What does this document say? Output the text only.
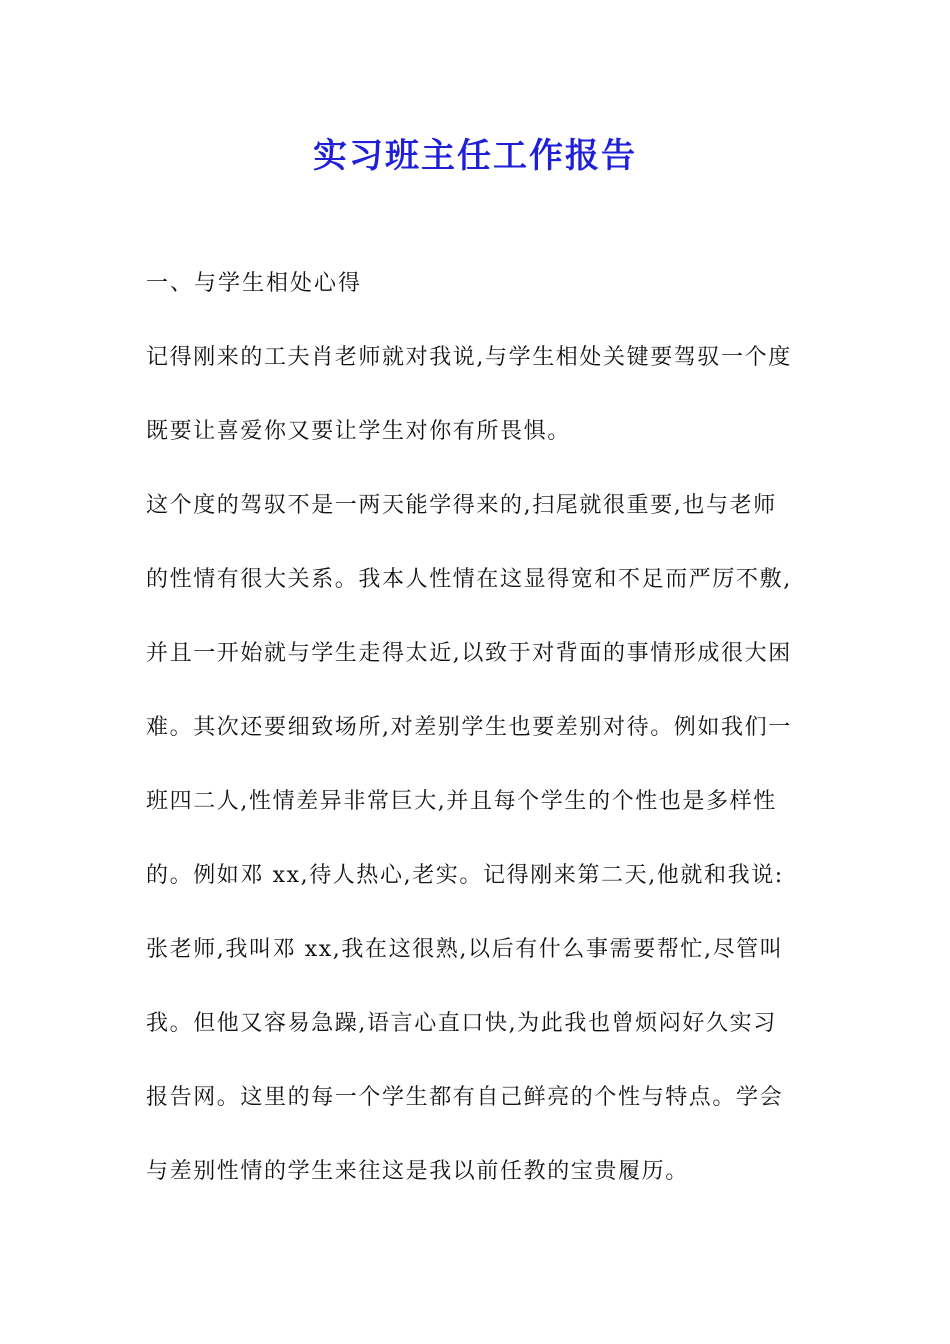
实习班主任工作报告
一、与学生相处心得
记得刚来的工夫肖老师就对我说,与学生相处关键要驾驭一个度
既要让喜爱你又要让学生对你有所畏惧。
这个度的驾驭不是一两天能学得来的,扫尾就很重要,也与老师
的性情有很大关系。我本人性情在这显得宽和不足而严厉不敷,
并且一开始就与学生走得太近,以致于对背面的事情形成很大困
难。其次还要细致场所,对差别学生也要差别对待。例如我们一
班四二人,性情差异非常巨大,并且每个学生的个性也是多样性
的。例如邓 xx,待人热心,老实。记得刚来第二天,他就和我说:
张老师,我叫邓 xx,我在这很熟,以后有什么事需要帮忙,尽管叫
我。但他又容易急躁,语言心直口快,为此我也曾烦闷好久实习
报告网。这里的每一个学生都有自己鲜亮的个性与特点。学会
与差别性情的学生来往这是我以前任教的宝贵履历。
